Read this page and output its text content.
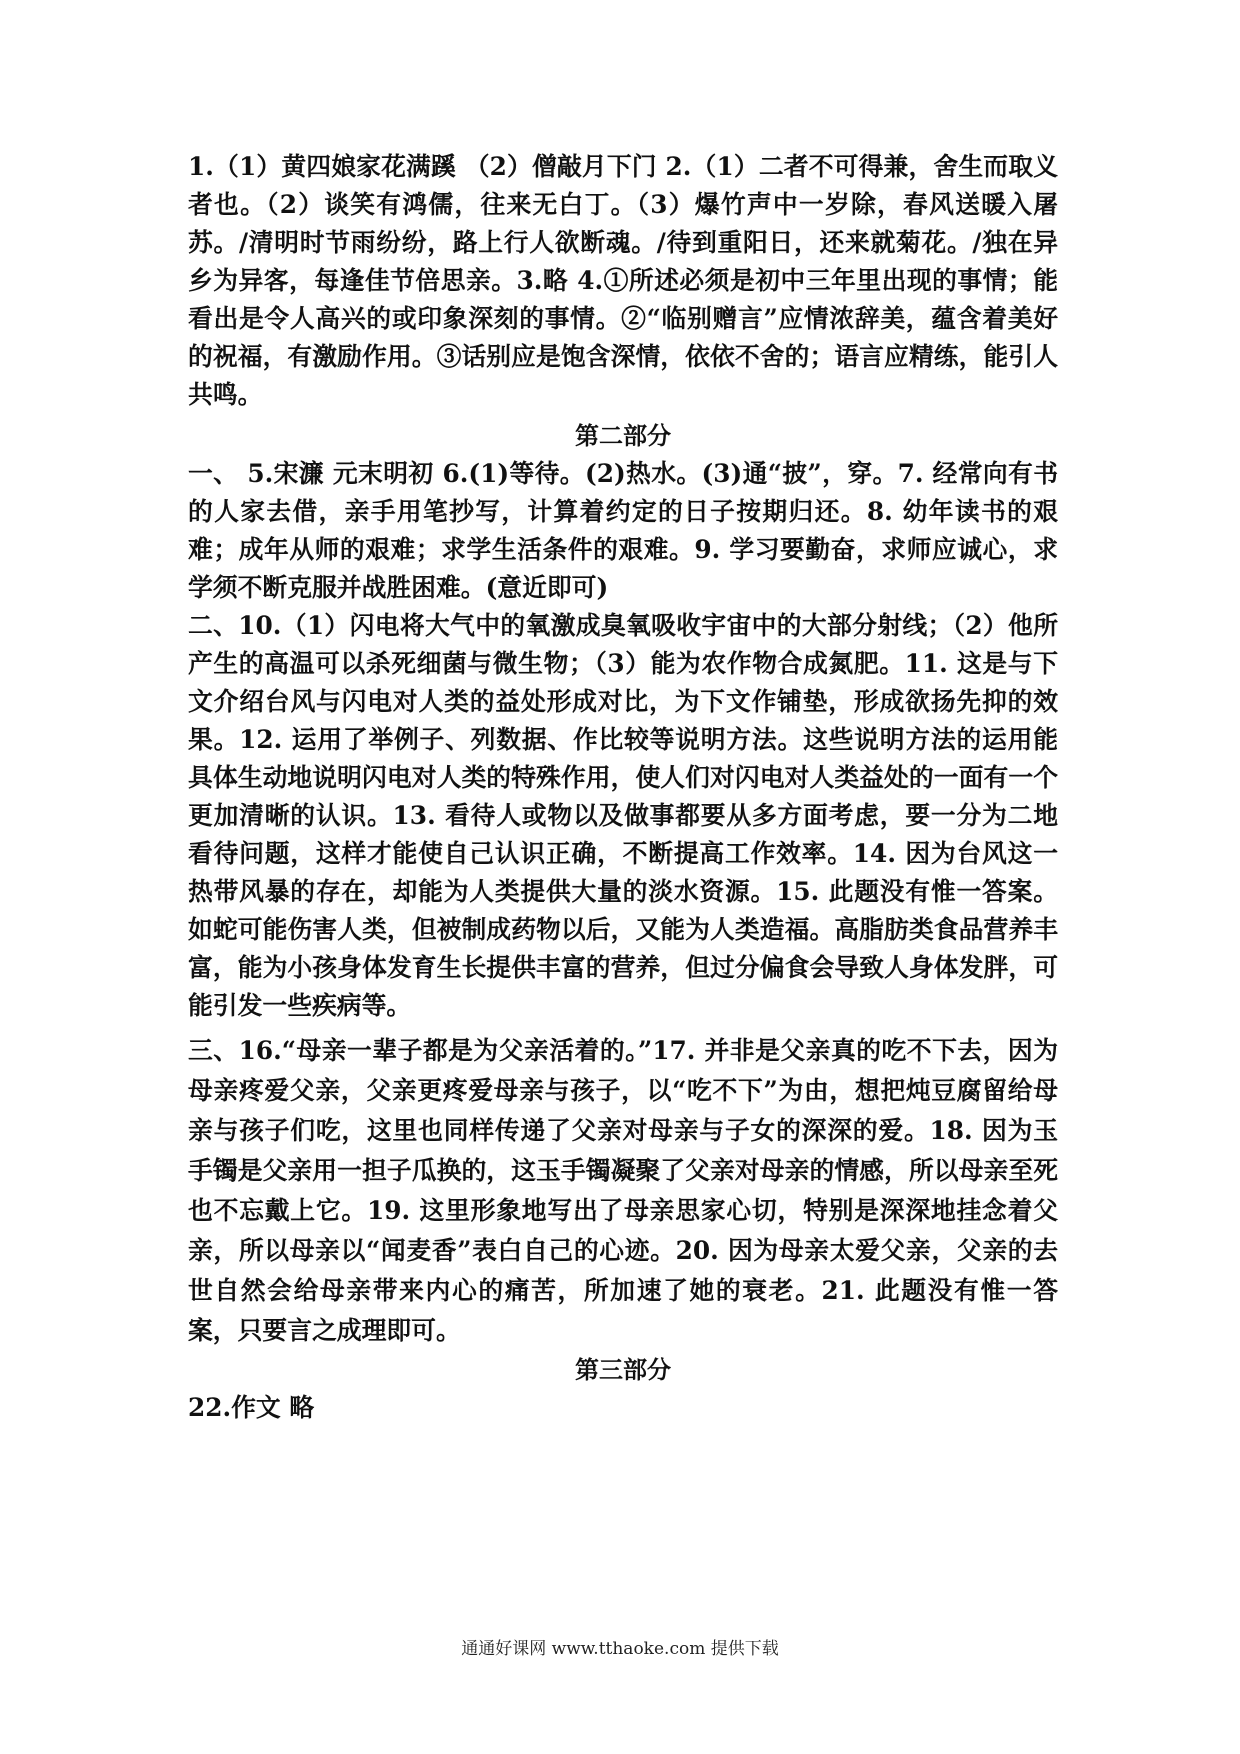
1.（1）黄四娘家花满蹊 （2）僧敲月下门 2.（1）二者不可得兼，舍生而取义者也。（2）谈笑有鸿儒，往来无白丁。（3）爆竹声中一岁除，春风送暖入屠苏。/清明时节雨纷纷，路上行人欲断魂。/待到重阳日，还来就菊花。/独在异乡为异客，每逢佳节倍思亲。3.略 4.①所述必须是初中三年里出现的事情；能看出是令人高兴的或印象深刻的事情。②“临别赠言”应情浓辞美，蕴含着美好的祝福，有激励作用。③话别应是饱含深情，依依不舍的；语言应精练，能引人共鸣。

第二部分

一、 5.宋濂 元末明初 6.(1)等待。(2)热水。(3)通“披”，穿。7. 经常向有书的人家去借，亲手用笔抄写，计算着约定的日子按期归还。8. 幼年读书的艰难；成年从师的艰难；求学生活条件的艰难。9. 学习要勤奋，求师应诚心，求学须不断克服并战胜困难。(意近即可)

二、10.（1）闪电将大气中的氧激成臭氧吸收宇宙中的大部分射线；（2）他所产生的高温可以杀死细菌与微生物；（3）能为农作物合成氮肥。11. 这是与下文介绍台风与闪电对人类的益处形成对比，为下文作铺垫，形成欲扬先抑的效果。12. 运用了举例子、列数据、作比较等说明方法。这些说明方法的运用能具体生动地说明闪电对人类的特殊作用，使人们对闪电对人类益处的一面有一个更加清晰的认识。13. 看待人或物以及做事都要从多方面考虑，要一分为二地看待问题，这样才能使自己认识正确，不断提高工作效率。14. 因为台风这一热带风暴的存在，却能为人类提供大量的淡水资源。15. 此题没有惟一答案。如蛇可能伤害人类，但被制成药物以后，又能为人类造福。高脂肪类食品营养丰富，能为小孩身体发育生长提供丰富的营养，但过分偏食会导致人身体发胖，可能引发一些疾病等。

三、16.“母亲一辈子都是为父亲活着的。”17. 并非是父亲真的吃不下去，因为母亲疼爱父亲，父亲更疼爱母亲与孩子，以“吃不下”为由，想把炖豆腐留给母亲与孩子们吃，这里也同样传递了父亲对母亲与子女的深深的爱。18. 因为玉手镯是父亲用一担子瓜换的，这玉手镯凝聚了父亲对母亲的情感，所以母亲至死也不忘戴上它。19. 这里形象地写出了母亲思家心切，特别是深深地挂念着父亲，所以母亲以“闻麦香”表白自己的心迹。20. 因为母亲太爱父亲，父亲的去世自然会给母亲带来内心的痛苦，所加速了她的衰老。21. 此题没有惟一答案，只要言之成理即可。

第三部分

22.作文 略

通通好课网 www.tthaoke.com 提供下载
